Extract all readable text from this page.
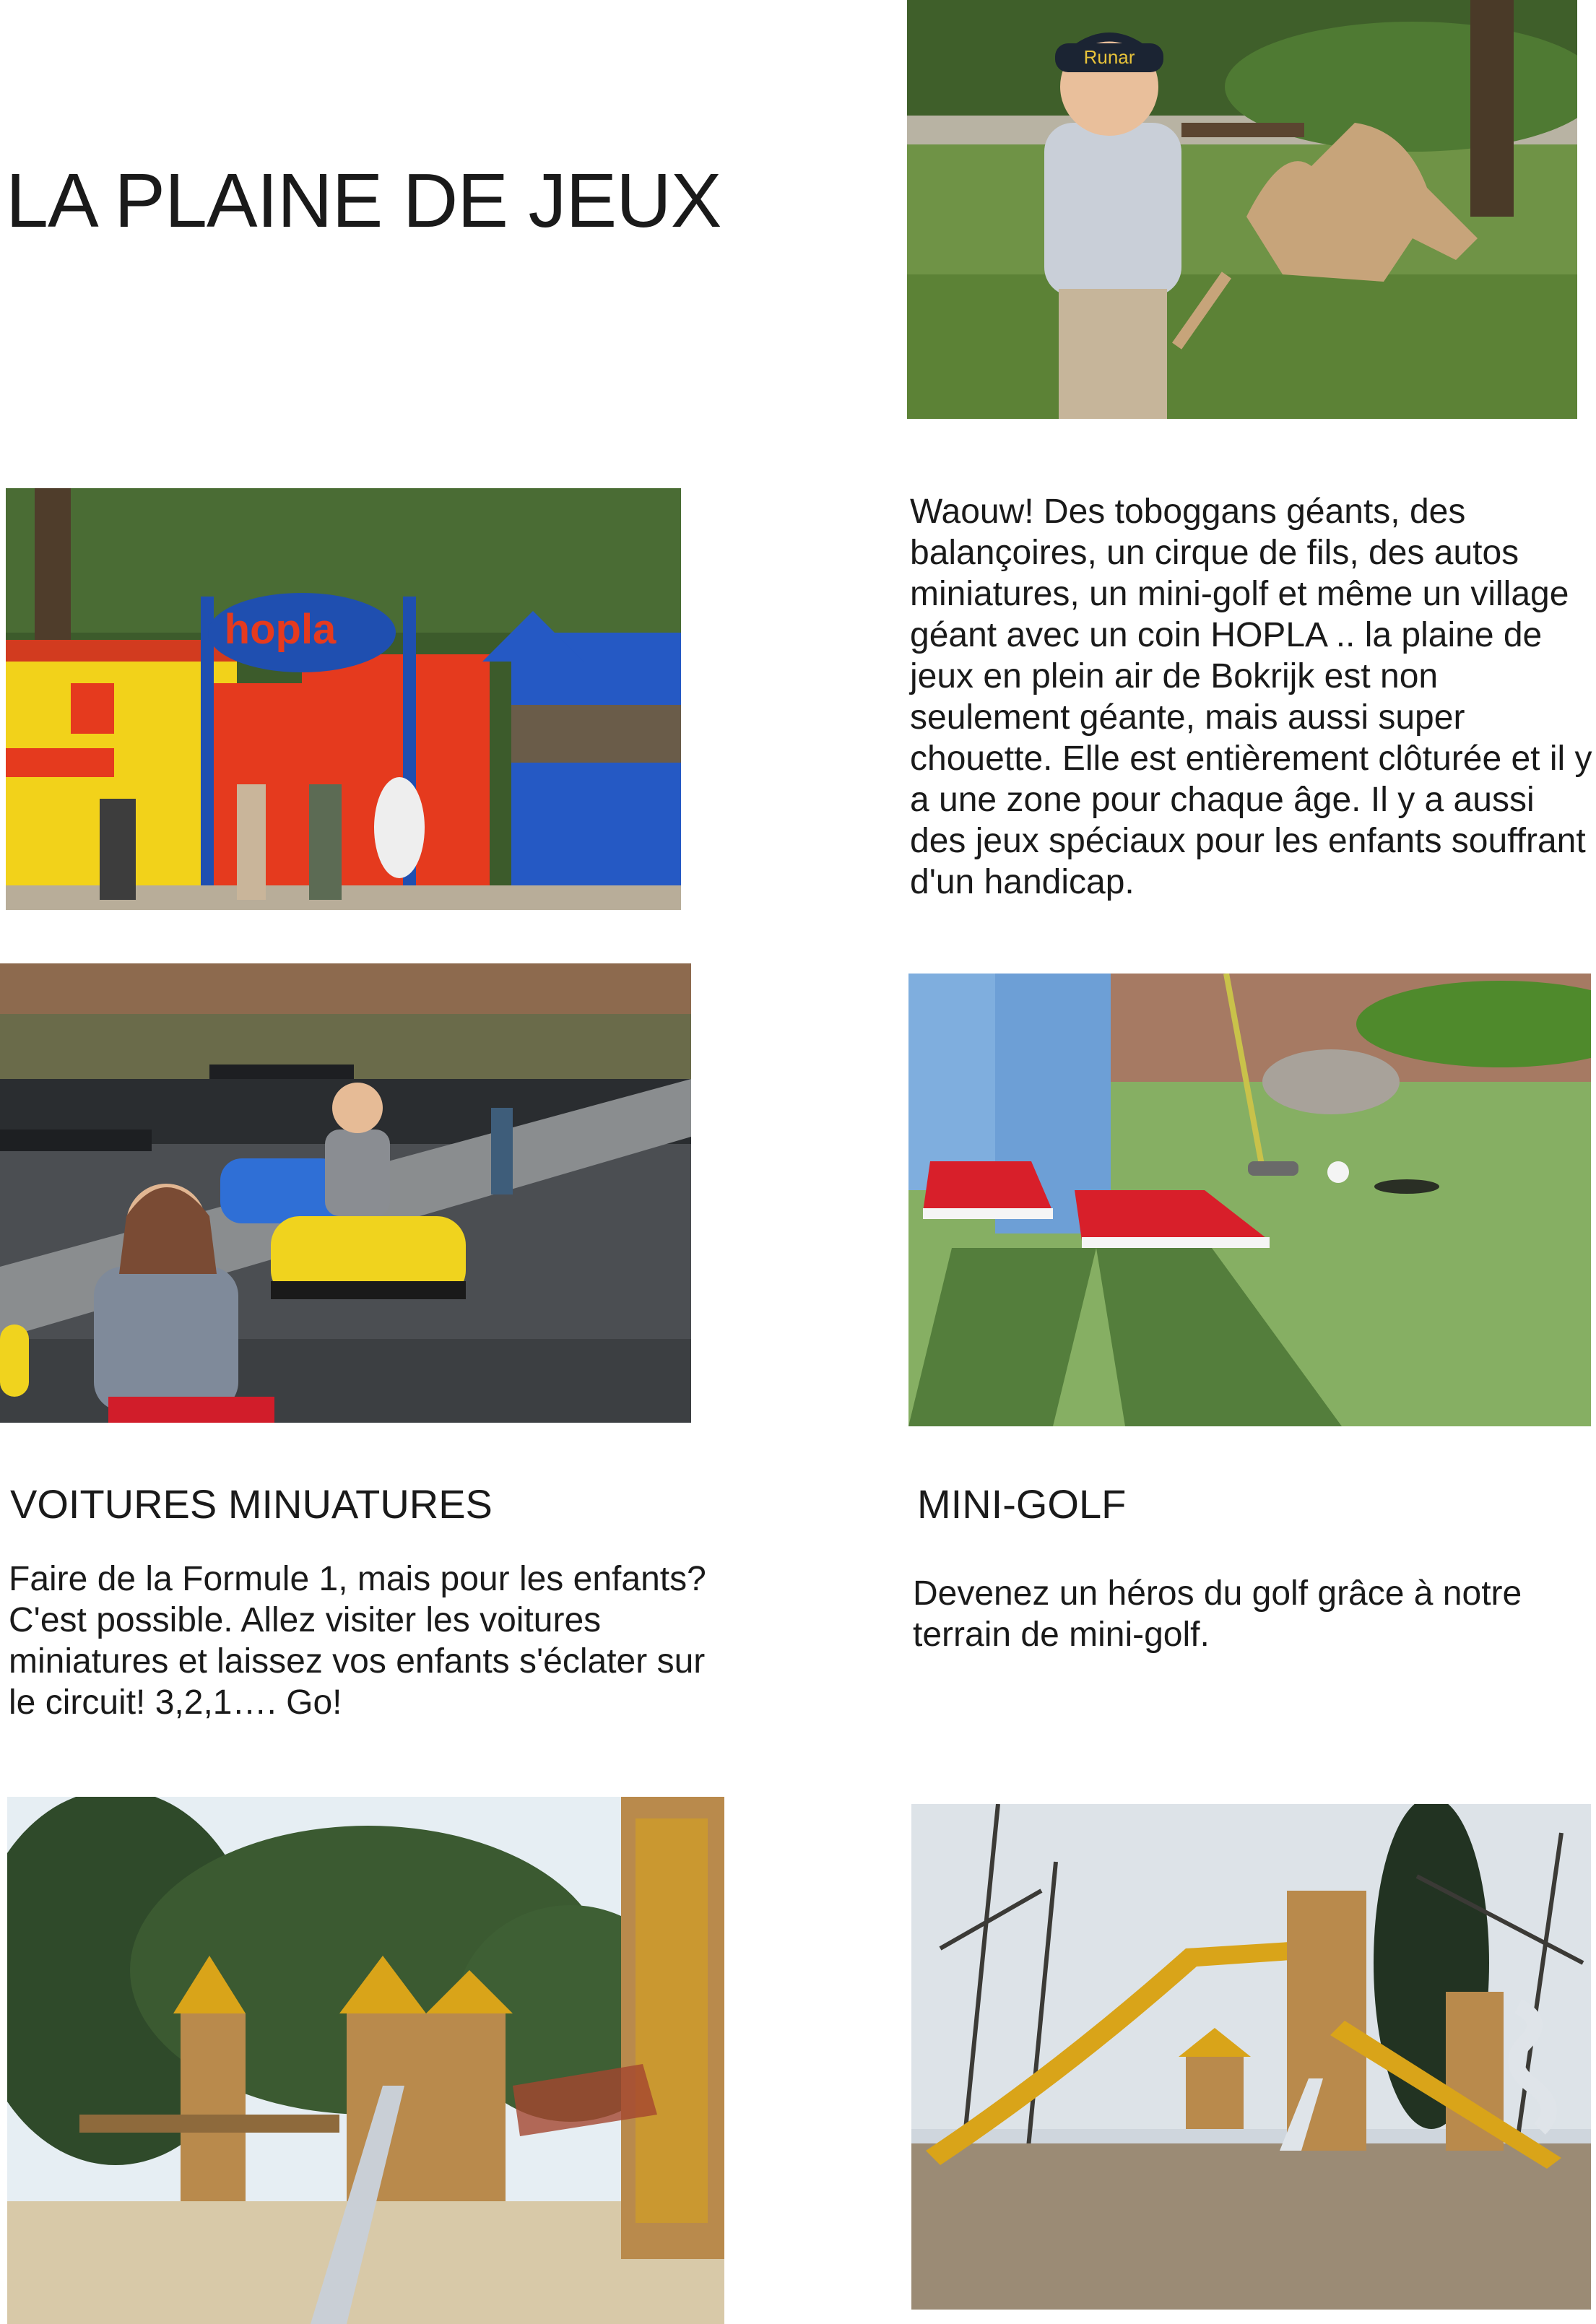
LA PLAINE DE JEUX
Runar
hopla
Waouw! Des toboggans géants, des balançoires, un cirque de fils, des autos miniatures, un mini-golf et même un village géant avec un coin HOPLA .. la plaine de jeux en plein air de Bokrijk est non seulement géante, mais aussi super chouette. Elle est entièrement clôturée et il y a une zone pour chaque âge. Il y a aussi des jeux spéciaux pour les enfants souffrant d'un handicap.
VOITURES MINUATURES
Faire de la Formule 1, mais pour les enfants? C'est possible. Allez visiter les voitures miniatures et laissez vos enfants s'éclater sur le circuit! 3,2,1…. Go!
MINI-GOLF
Devenez un héros du golf grâce à notre terrain de mini-golf.
